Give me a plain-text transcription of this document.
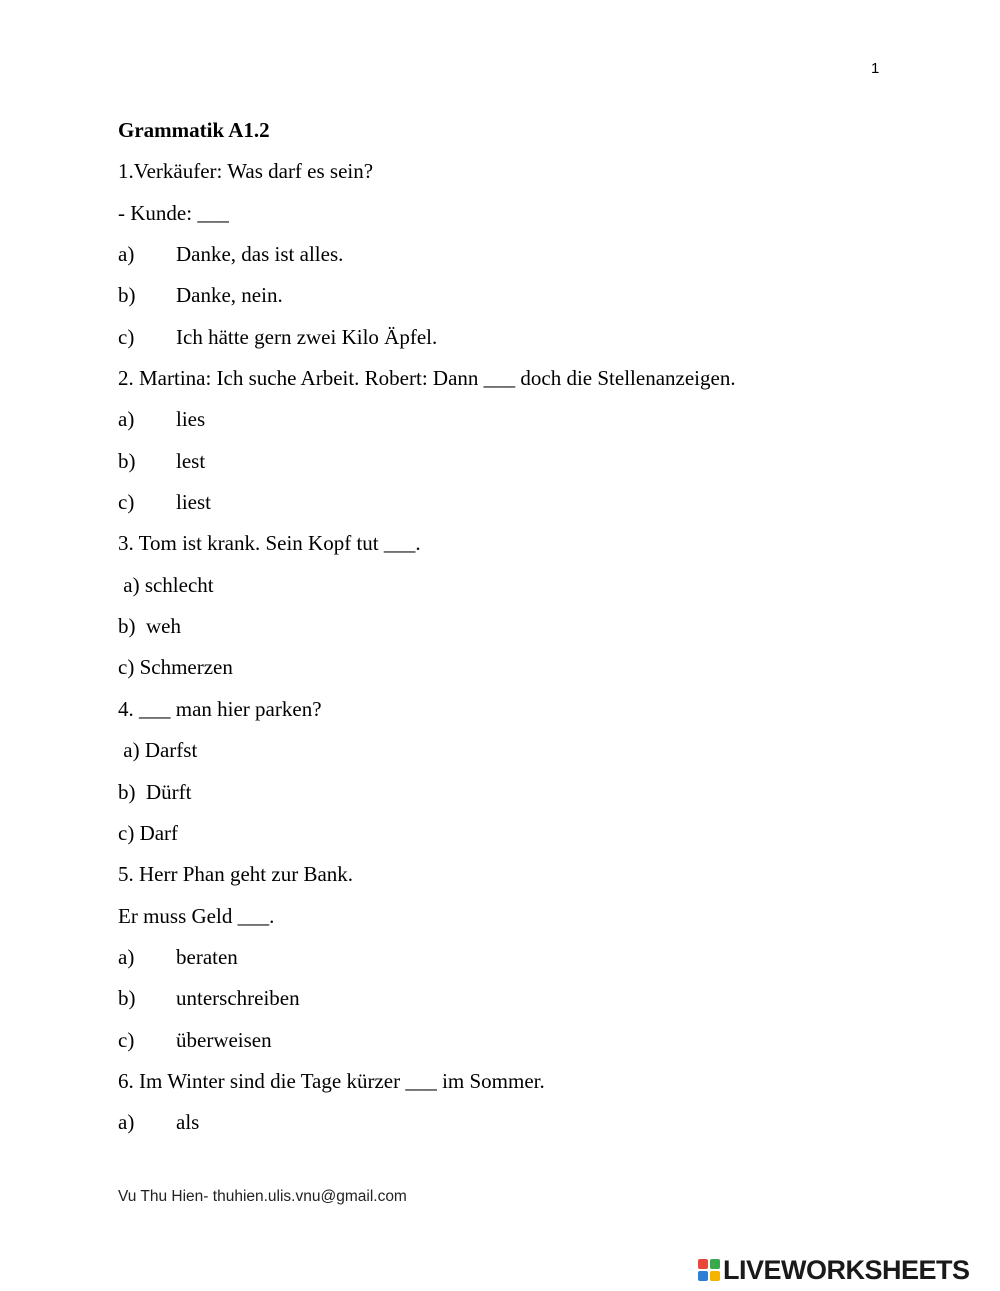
1
Grammatik A1.2
1.Verkäufer: Was darf es sein?
- Kunde: ___
a) Danke, das ist alles.
b) Danke, nein.
c) Ich hätte gern zwei Kilo Äpfel.
2. Martina: Ich suche Arbeit. Robert: Dann ___ doch die Stellenanzeigen.
a) lies
b) lest
c) liest
3. Tom ist krank. Sein Kopf tut ___.
a) schlecht
b)  weh
c) Schmerzen
4. ___ man hier parken?
a) Darfst
b)  Dürft
c) Darf
5. Herr Phan geht zur Bank.
Er muss Geld ___.
a) beraten
b) unterschreiben
c) überweisen
6. Im Winter sind die Tage kürzer ___ im Sommer.
a) als
Vu Thu Hien- thuhien.ulis.vnu@gmail.com
LIVEWORKSHEETS
